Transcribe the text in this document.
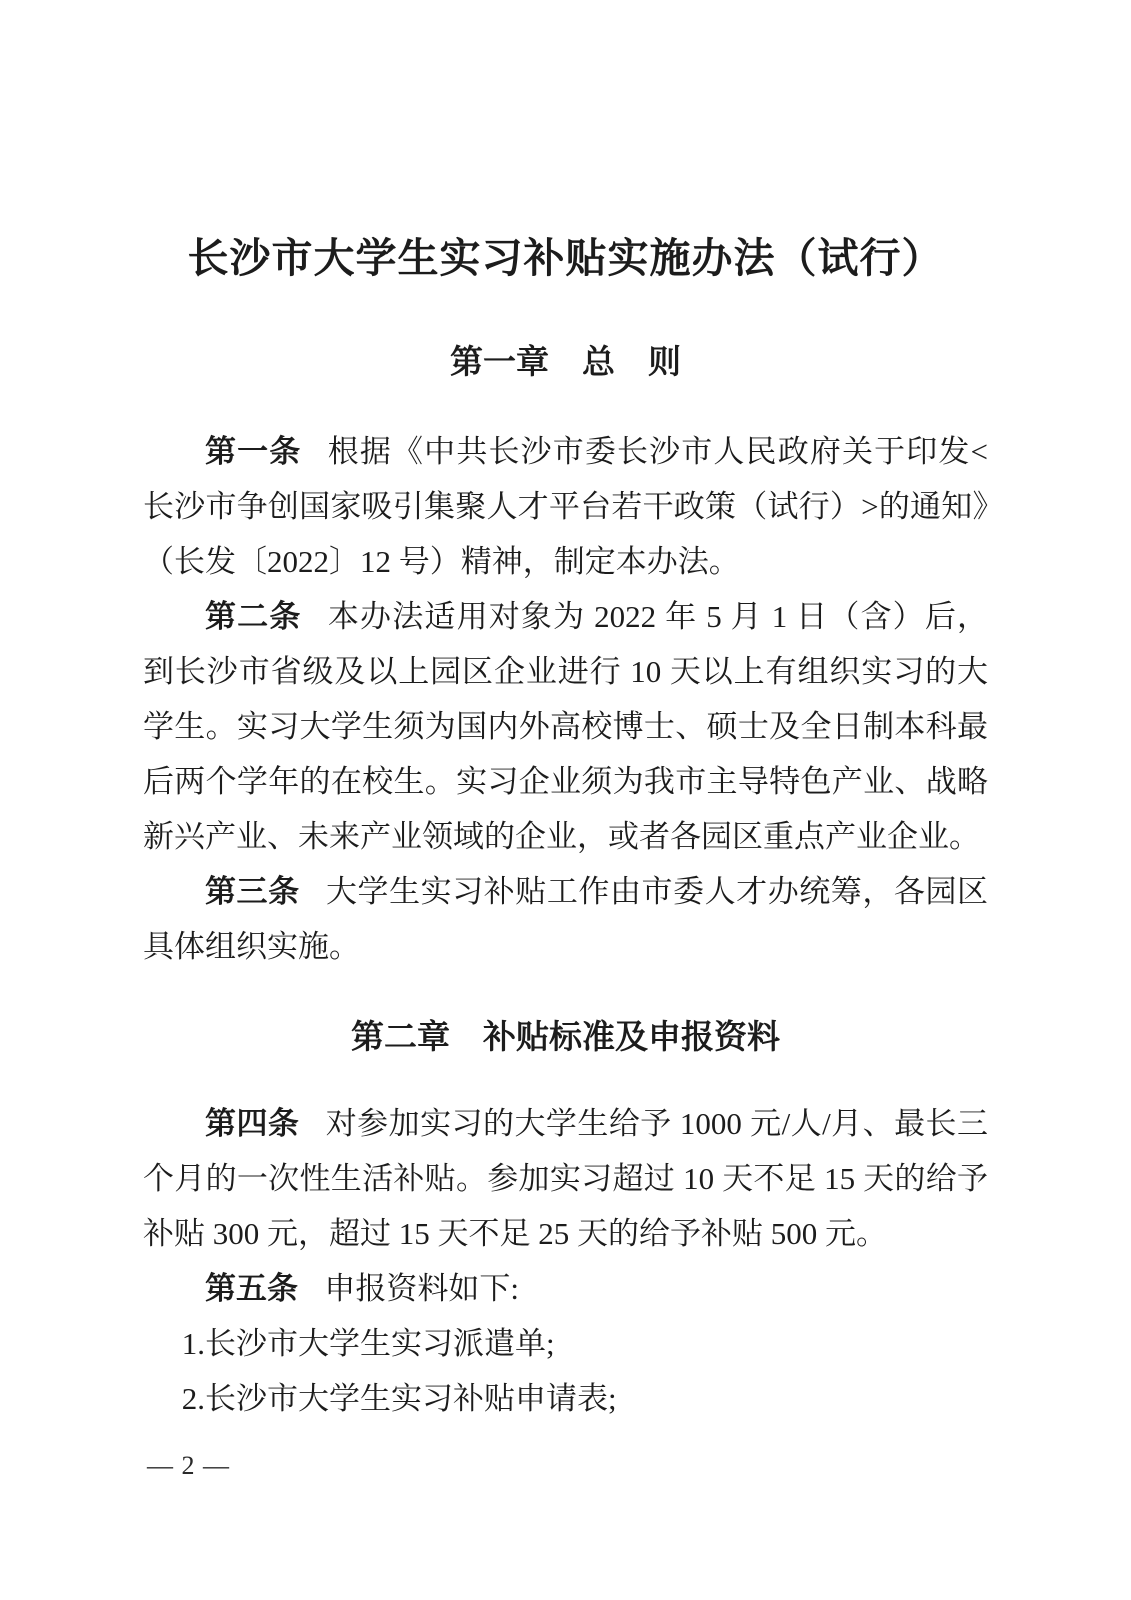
长沙市大学生实习补贴实施办法（试行）
第一章　总　则

第一条 根据《中共长沙市委长沙市人民政府关于印发<长沙市争创国家吸引集聚人才平台若干政策（试行）>的通知》（长发〔2022〕12 号）精神，制定本办法。

第二条 本办法适用对象为 2022 年 5 月 1 日（含）后，到长沙市省级及以上园区企业进行 10 天以上有组织实习的大学生。实习大学生须为国内外高校博士、硕士及全日制本科最后两个学年的在校生。实习企业须为我市主导特色产业、战略新兴产业、未来产业领域的企业，或者各园区重点产业企业。

第三条 大学生实习补贴工作由市委人才办统筹，各园区具体组织实施。

第二章　补贴标准及申报资料

第四条 对参加实习的大学生给予 1000 元/人/月、最长三个月的一次性生活补贴。参加实习超过 10 天不足 15 天的给予补贴 300 元，超过 15 天不足 25 天的给予补贴 500 元。

第五条 申报资料如下:

1.长沙市大学生实习派遣单;

2.长沙市大学生实习补贴申请表;

— 2 —
